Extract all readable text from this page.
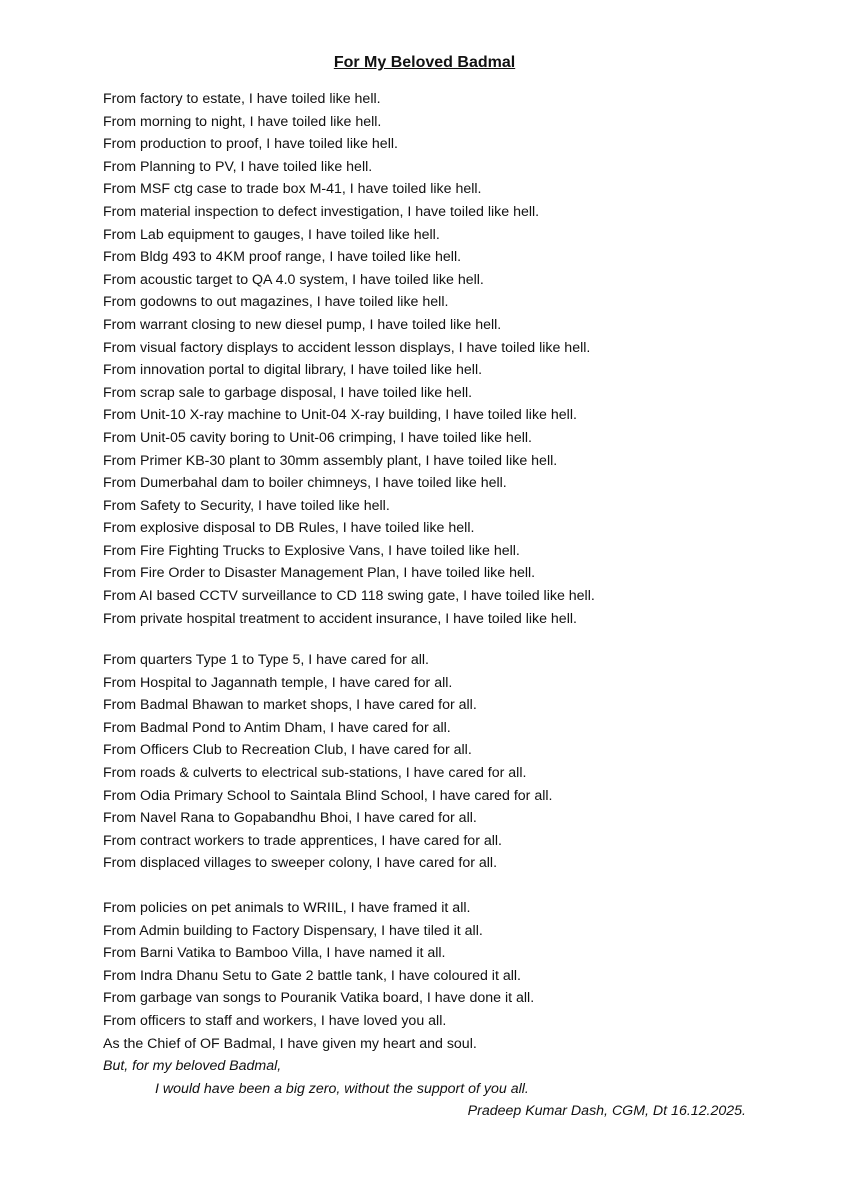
For My Beloved Badmal
From factory to estate, I have toiled like hell.
From morning to night, I have toiled like hell.
From production to proof, I have toiled like hell.
From Planning to PV, I have toiled like hell.
From MSF ctg case to trade box M-41, I have toiled like hell.
From material inspection to defect investigation, I have toiled like hell.
From Lab equipment to gauges, I have toiled like hell.
From Bldg 493 to 4KM proof range, I have toiled like hell.
From acoustic target to QA 4.0 system, I have toiled like hell.
From godowns to out magazines, I have toiled like hell.
From warrant closing to new diesel pump, I have toiled like hell.
From visual factory displays to accident lesson displays, I have toiled like hell.
From innovation portal to digital library, I have toiled like hell.
From scrap sale to garbage disposal, I have toiled like hell.
From Unit-10 X-ray machine to Unit-04 X-ray building, I have toiled like hell.
From Unit-05 cavity boring to Unit-06 crimping, I have toiled like hell.
From Primer KB-30 plant to 30mm assembly plant, I have toiled like hell.
From Dumerbahal dam to boiler chimneys, I have toiled like hell.
From Safety to Security, I have toiled like hell.
From explosive disposal to DB Rules, I have toiled like hell.
From Fire Fighting Trucks to Explosive Vans, I have toiled like hell.
From Fire Order to Disaster Management Plan, I have toiled like hell.
From AI based CCTV surveillance to CD 118 swing gate, I have toiled like hell.
From private hospital treatment to accident insurance, I have toiled like hell.
From quarters Type 1 to Type 5, I have cared for all.
From Hospital to Jagannath temple, I have cared for all.
From Badmal Bhawan to market shops, I have cared for all.
From Badmal Pond to Antim Dham, I have cared for all.
From Officers Club to Recreation Club, I have cared for all.
From roads & culverts to electrical sub-stations, I have cared for all.
From Odia Primary School to Saintala Blind School, I have cared for all.
From Navel Rana to Gopabandhu Bhoi, I have cared for all.
From contract workers to trade apprentices, I have cared for all.
From displaced villages to sweeper colony, I have cared for all.
From policies on pet animals to WRIIL, I have framed it all.
From Admin building to Factory Dispensary, I have tiled it all.
From Barni Vatika to Bamboo Villa, I have named it all.
From Indra Dhanu Setu to Gate 2 battle tank, I have coloured it all.
From garbage van songs to Pouranik Vatika board, I have done it all.
From officers to staff and workers, I have loved you all.
As the Chief of OF Badmal, I have given my heart and soul.
But, for my beloved Badmal,
I would have been a big zero, without the support of you all.
Pradeep Kumar Dash, CGM, Dt 16.12.2025.
